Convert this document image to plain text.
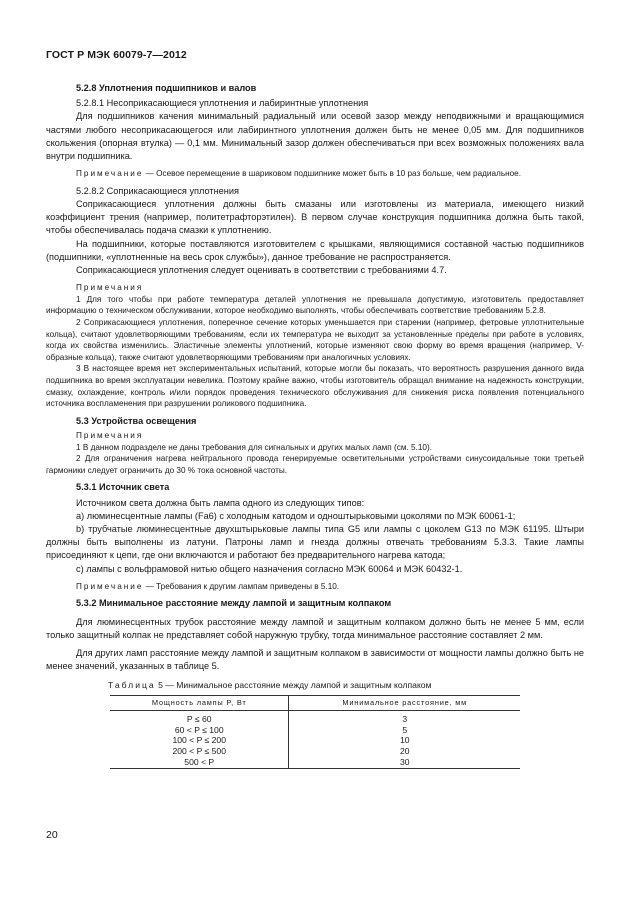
ГОСТ Р МЭК 60079-7—2012

5.2.8 Уплотнения подшипников и валов

5.2.8.1 Несоприкасающиеся уплотнения и лабиринтные уплотнения

Для подшипников качения минимальный радиальный или осевой зазор между неподвижными и вращающимися частями любого несоприкасающегося или лабиринтного уплотнения должен быть не менее 0,05 мм. Для подшипников скольжения (опорная втулка) — 0,1 мм. Минимальный зазор должен обеспечиваться при всех возможных положениях вала внутри подшипника.

Примечание — Осевое перемещение в шариковом подшипнике может быть в 10 раз больше, чем радиальное.

5.2.8.2 Соприкасающиеся уплотнения

Соприкасающиеся уплотнения должны быть смазаны или изготовлены из материала, имеющего низкий коэффициент трения (например, политетрафторэтилен). В первом случае конструкция подшипника должна быть такой, чтобы обеспечивалась подача смазки к уплотнению.

На подшипники, которые поставляются изготовителем с крышками, являющимися составной частью подшипников (подшипники, «уплотненные на весь срок службы»), данное требование не распространяется.

Соприкасающиеся уплотнения следует оценивать в соответствии с требованиями 4.7.

Примечания

1 Для того чтобы при работе температура деталей уплотнения не превышала допустимую, изготовитель предоставляет информацию о техническом обслуживании, которое необходимо выполнять, чтобы обеспечивать соответствие требованиям 5.2.8.

2 Соприкасающиеся уплотнения, поперечное сечение которых уменьшается при старении (например, фетровые уплотнительные кольца), считают удовлетворяющими требованиям, если их температура не выходит за установленные пределы при работе в условиях, когда их свойства изменились. Эластичные элементы уплотнений, которые изменяют свою форму во время вращения (например, V-образные кольца), также считают удовлетворяющими требованиям при аналогичных условиях.

3 В настоящее время нет экспериментальных испытаний, которые могли бы показать, что вероятность разрушения данного вида подшипника во время эксплуатации невелика. Поэтому крайне важно, чтобы изготовитель обращал внимание на надежность конструкции, смазку, охлаждение, контроль и/или порядок проведения технического обслуживания для снижения риска появления потенциального источника воспламенения при разрушении роликового подшипника.

5.3 Устройства освещения

Примечания

1 В данном подразделе не даны требования для сигнальных и других малых ламп (см. 5.10).

2 Для ограничения нагрева нейтрального провода генерируемые осветительными устройствами синусоидальные токи третьей гармоники следует ограничить до 30 % тока основной частоты.

5.3.1 Источник света

Источником света должна быть лампа одного из следующих типов:

а) люминесцентные лампы (Fa6) с холодным катодом и одноштырьковыми цоколями по МЭК 60061-1;

b) трубчатые люминесцентные двухштырьковые лампы типа G5 или лампы с цоколем G13 по МЭК 61195. Штыри должны быть выполнены из латуни. Патроны ламп и гнезда должны отвечать требованиям 5.3.3. Такие лампы присоединяют к цепи, где они включаются и работают без предварительного нагрева катода;

с) лампы с вольфрамовой нитью общего назначения согласно МЭК 60064 и МЭК 60432-1.

Примечание — Требования к другим лампам приведены в 5.10.

5.3.2 Минимальное расстояние между лампой и защитным колпаком

Для люминесцентных трубок расстояние между лампой и защитным колпаком должно быть не менее 5 мм, если только защитный колпак не представляет собой наружную трубку, тогда минимальное расстояние составляет 2 мм.

Для других ламп расстояние между лампой и защитным колпаком в зависимости от мощности лампы должно быть не менее значений, указанных в таблице 5.

Таблица 5 — Минимальное расстояние между лампой и защитным колпаком

Мощность лампы P, Вт	Минимальное расстояние, мм
P ≤ 60	3
60 < P ≤ 100	5
100 < P ≤ 200	10
200 < P ≤ 500	20
500 < P	30
20
